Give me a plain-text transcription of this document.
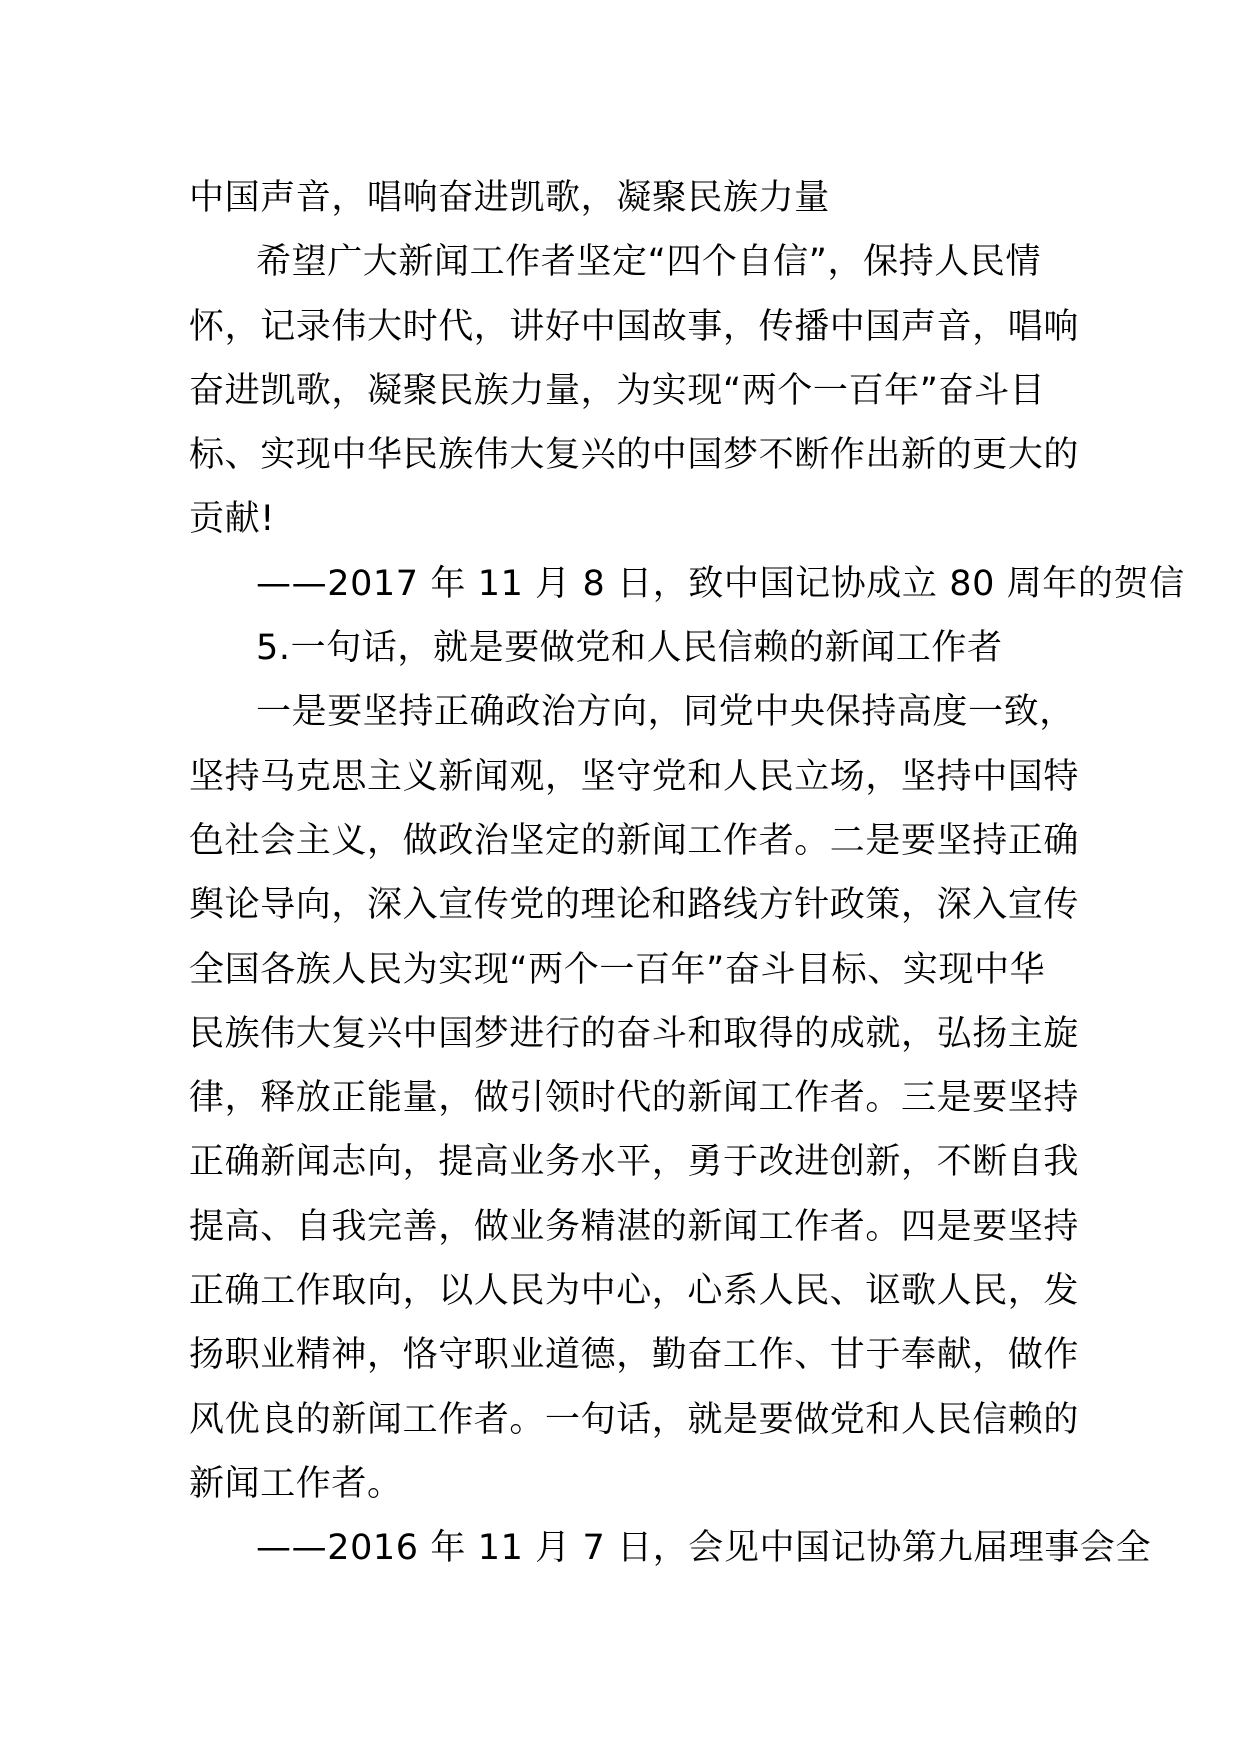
中国声音，唱响奋进凯歌，凝聚民族力量
希望广大新闻工作者坚定“四个自信”，保持人民情
怀，记录伟大时代，讲好中国故事，传播中国声音，唱响
奋进凯歌，凝聚民族力量，为实现“两个一百年”奋斗目
标、实现中华民族伟大复兴的中国梦不断作出新的更大的
贡献!
——2017 年 11 月 8 日，致中国记协成立 80 周年的贺信
5.一句话，就是要做党和人民信赖的新闻工作者
一是要坚持正确政治方向，同党中央保持高度一致，
坚持马克思主义新闻观，坚守党和人民立场，坚持中国特
色社会主义，做政治坚定的新闻工作者。二是要坚持正确
舆论导向，深入宣传党的理论和路线方针政策，深入宣传
全国各族人民为实现“两个一百年”奋斗目标、实现中华
民族伟大复兴中国梦进行的奋斗和取得的成就，弘扬主旋
律，释放正能量，做引领时代的新闻工作者。三是要坚持
正确新闻志向，提高业务水平，勇于改进创新，不断自我
提高、自我完善，做业务精湛的新闻工作者。四是要坚持
正确工作取向，以人民为中心，心系人民、讴歌人民，发
扬职业精神，恪守职业道德，勤奋工作、甘于奉献，做作
风优良的新闻工作者。一句话，就是要做党和人民信赖的
新闻工作者。
——2016 年 11 月 7 日，会见中国记协第九届理事会全
